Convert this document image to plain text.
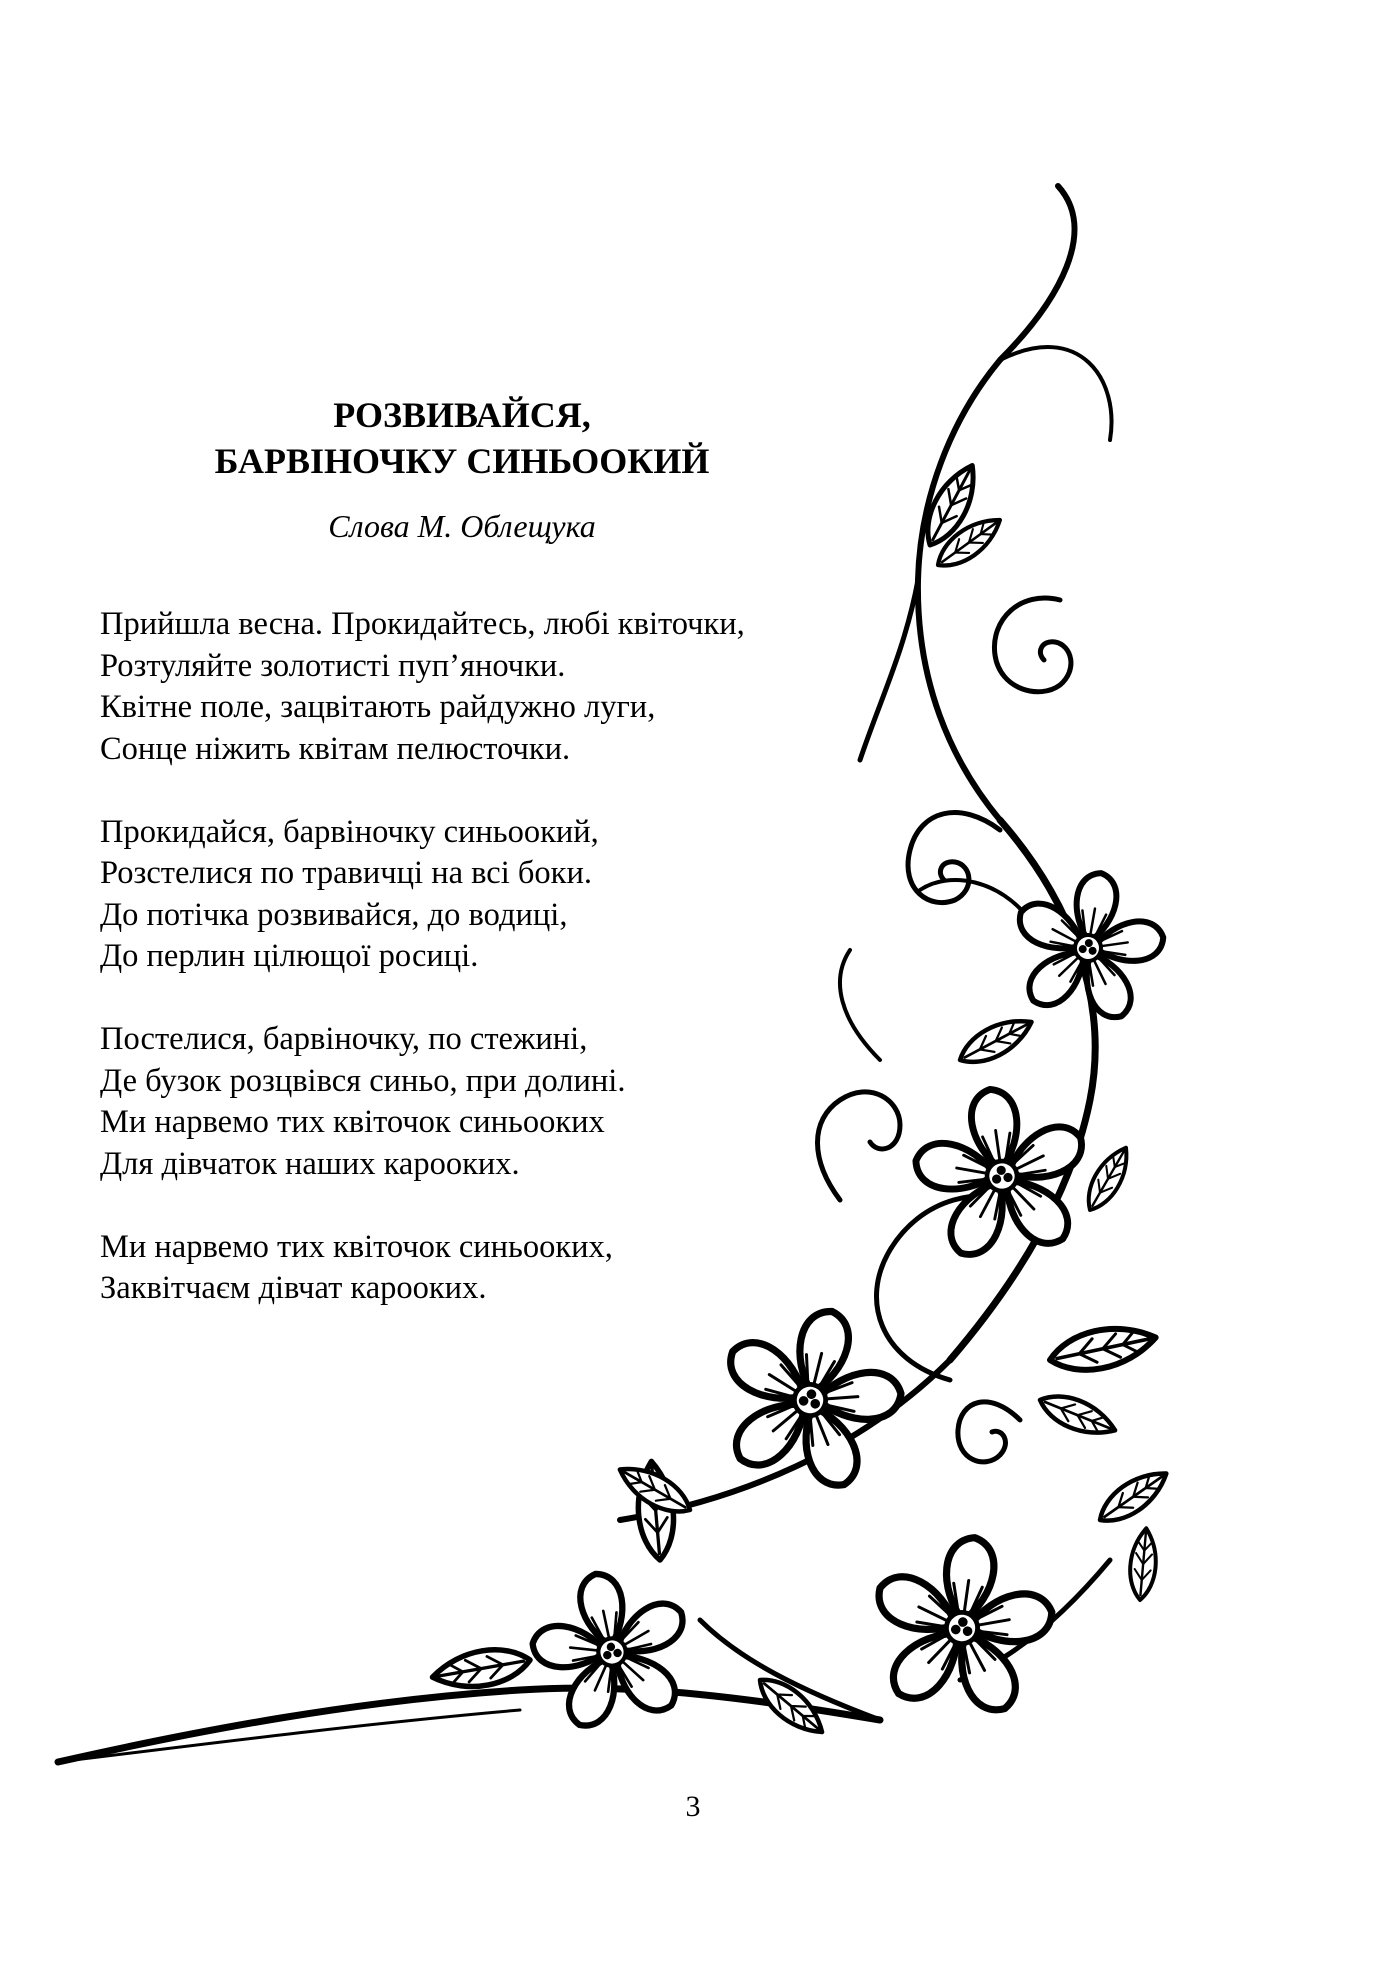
РОЗВИВАЙСЯ,
БАРВІНОЧКУ СИНЬООКИЙ
Слова М. Облещука
Прийшла весна. Прокидайтесь, любі квіточки,
Розтуляйте золотисті пуп’яночки.
Квітне поле, зацвітають райдужно луги,
Сонце ніжить квітам пелюсточки.
Прокидайся, барвіночку синьоокий,
Розстелися по травичці на всі боки.
До потічка розвивайся, до водиці,
До перлин цілющої росиці.
Постелися, барвіночку, по стежині,
Де бузок розцвівся синьо, при долині.
Ми нарвемо тих квіточок синьооких
Для дівчаток наших карооких.
Ми нарвемо тих квіточок синьооких,
Заквітчаєм дівчат карооких.
3
